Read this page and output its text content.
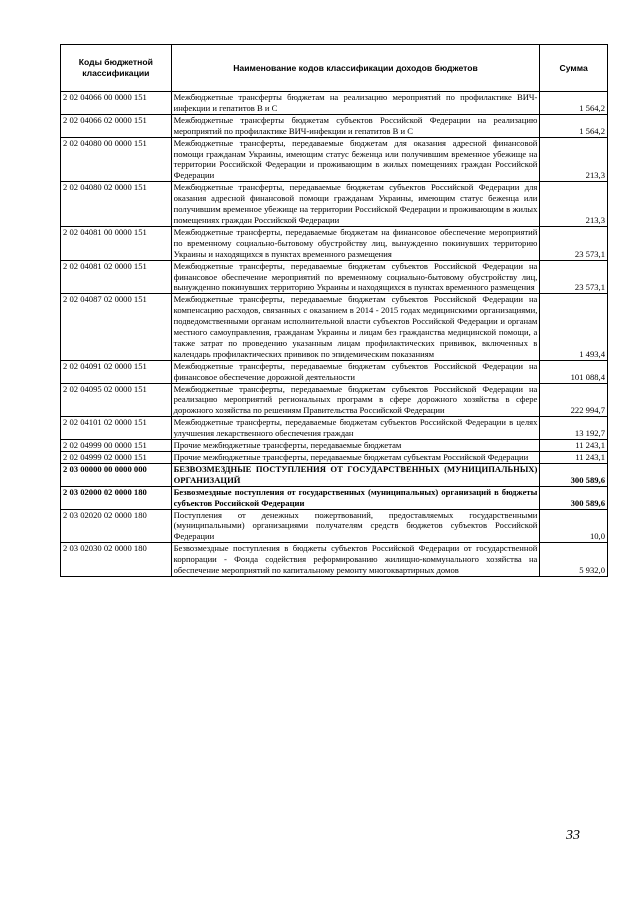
Коды бюджетной классификации	Наименование кодов классификации доходов бюджетов	Сумма
2 02 04066 00 0000 151	Межбюджетные трансферты бюджетам на реализацию мероприятий по профилактике ВИЧ-инфекции и гепатитов В и С	1 564,2
2 02 04066 02 0000 151	Межбюджетные трансферты бюджетам субъектов Российской Федерации на реализацию мероприятий по профилактике ВИЧ-инфекции и гепатитов В и С	1 564,2
2 02 04080 00 0000 151	Межбюджетные трансферты, передаваемые бюджетам для оказания адресной финансовой помощи гражданам Украины, имеющим статус беженца или получившим временное убежище на территории Российской Федерации и проживающим в жилых помещениях граждан Российской Федерации	213,3
2 02 04080 02 0000 151	Межбюджетные трансферты, передаваемые бюджетам субъектов Российской Федерации для оказания адресной финансовой помощи гражданам Украины, имеющим статус беженца или получившим временное убежище на территории Российской Федерации и проживающим в жилых помещениях граждан Российской Федерации	213,3
2 02 04081 00 0000 151	Межбюджетные трансферты, передаваемые бюджетам на финансовое обеспечение мероприятий по временному социально-бытовому обустройству лиц, вынужденно покинувших территорию Украины и находящихся в пунктах временного размещения	23 573,1
2 02 04081 02 0000 151	Межбюджетные трансферты, передаваемые бюджетам субъектов Российской Федерации на финансовое обеспечение мероприятий по временному социально-бытовому обустройству лиц, вынужденно покинувших территорию Украины и находящихся в пунктах временного размещения	23 573,1
2 02 04087 02 0000 151	Межбюджетные трансферты, передаваемые бюджетам субъектов Российской Федерации на компенсацию расходов, связанных с оказанием в 2014 - 2015 годах медицинскими организациями, подведомственными органам исполнительной власти субъектов Российской Федерации и органам местного самоуправления, гражданам Украины и лицам без гражданства медицинской помощи, а также затрат по проведению указанным лицам профилактических прививок, включенных в календарь профилактических прививок по эпидемическим показаниям	1 493,4
2 02 04091 02 0000 151	Межбюджетные трансферты, передаваемые бюджетам субъектов Российской Федерации на финансовое обеспечение дорожной деятельности	101 088,4
2 02 04095 02 0000 151	Межбюджетные трансферты, передаваемые бюджетам субъектов Российской Федерации на реализацию мероприятий региональных программ в сфере дорожного хозяйства в сфере дорожного хозяйства по решениям Правительства Российской Федерации	222 994,7
2 02 04101 02 0000 151	Межбюджетные трансферты, передаваемые бюджетам субъектов Российской Федерации в целях улучшения лекарственного обеспечения граждан	13 192,7
2 02 04999 00 0000 151	Прочие межбюджетные трансферты, передаваемые бюджетам	11 243,1
2 02 04999 02 0000 151	Прочие межбюджетные трансферты, передаваемые бюджетам субъектам Российской Федерации	11 243,1
2 03 00000 00 0000 000	БЕЗВОЗМЕЗДНЫЕ ПОСТУПЛЕНИЯ ОТ ГОСУДАРСТВЕННЫХ (МУНИЦИПАЛЬНЫХ) ОРГАНИЗАЦИЙ	300 589,6
2 03 02000 02 0000 180	Безвозмездные поступления от государственных (муниципальных) организаций в бюджеты субъектов Российской Федерации	300 589,6
2 03 02020 02 0000 180	Поступления от денежных пожертвований, предоставляемых государственными (муниципальными) организациями получателям средств бюджетов субъектов Российской Федерации	10,0
2 03 02030 02 0000 180	Безвозмездные поступления в бюджеты субъектов Российской Федерации от государственной корпорации - Фонда содействия реформированию жилищно-коммунального хозяйства на обеспечение мероприятий по капитальному ремонту многоквартирных домов	5 932,0
33
